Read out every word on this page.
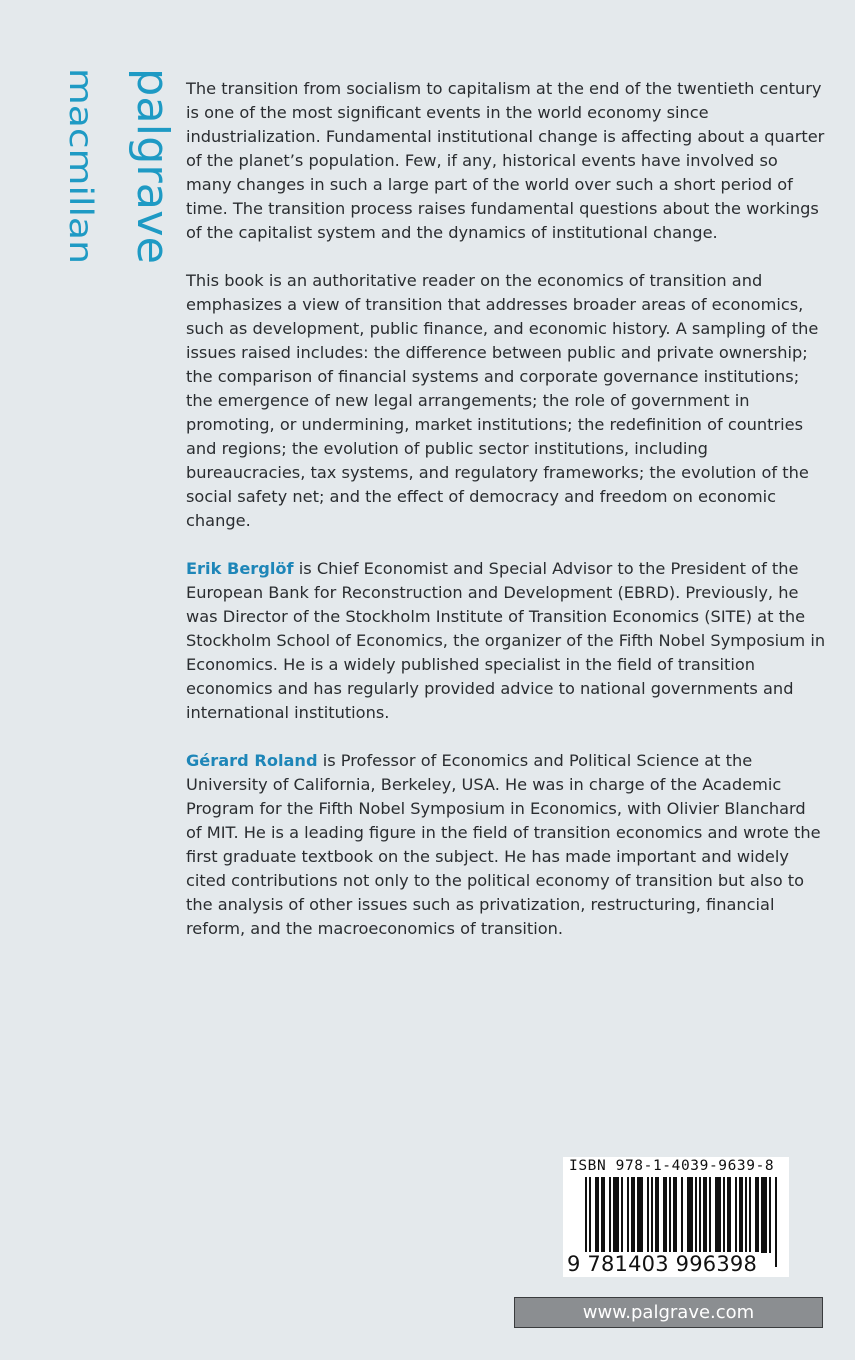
palgrave
macmillan	The transition from socialism to capitalism at the end of the twentieth century is one of the most significant events in the world economy since industrialization. Fundamental institutional change is affecting about a quarter of the planet’s population. Few, if any, historical events have involved so many changes in such a large part of the world over such a short period of time. The transition process raises fundamental questions about the workings of the capitalist system and the dynamics of institutional change.

This book is an authoritative reader on the economics of transition and emphasizes a view of transition that addresses broader areas of economics, such as development, public finance, and economic history. A sampling of the issues raised includes: the difference between public and private ownership; the comparison of financial systems and corporate governance institutions; the emergence of new legal arrangements; the role of government in promoting, or undermining, market institutions; the redefinition of countries and regions; the evolution of public sector institutions, including bureaucracies, tax systems, and regulatory frameworks; the evolution of the social safety net; and the effect of democracy and freedom on economic change.

Erik Berglöf is Chief Economist and Special Advisor to the President of the European Bank for Reconstruction and Development (EBRD). Previously, he was Director of the Stockholm Institute of Transition Economics (SITE) at the Stockholm School of Economics, the organizer of the Fifth Nobel Symposium in Economics. He is a widely published specialist in the field of transition economics and has regularly provided advice to national governments and international institutions.

Gérard Roland is Professor of Economics and Political Science at the University of California, Berkeley, USA. He was in charge of the Academic Program for the Fifth Nobel Symposium in Economics, with Olivier Blanchard of MIT. He is a leading figure in the field of transition economics and wrote the first graduate textbook on the subject. He has made important and widely cited contributions not only to the political economy of transition but also to the analysis of other issues such as privatization, restructuring, financial reform, and the macroeconomics of transition.

ISBN 978-1-4039-9639-8
9 781403 996398
www.palgrave.com
